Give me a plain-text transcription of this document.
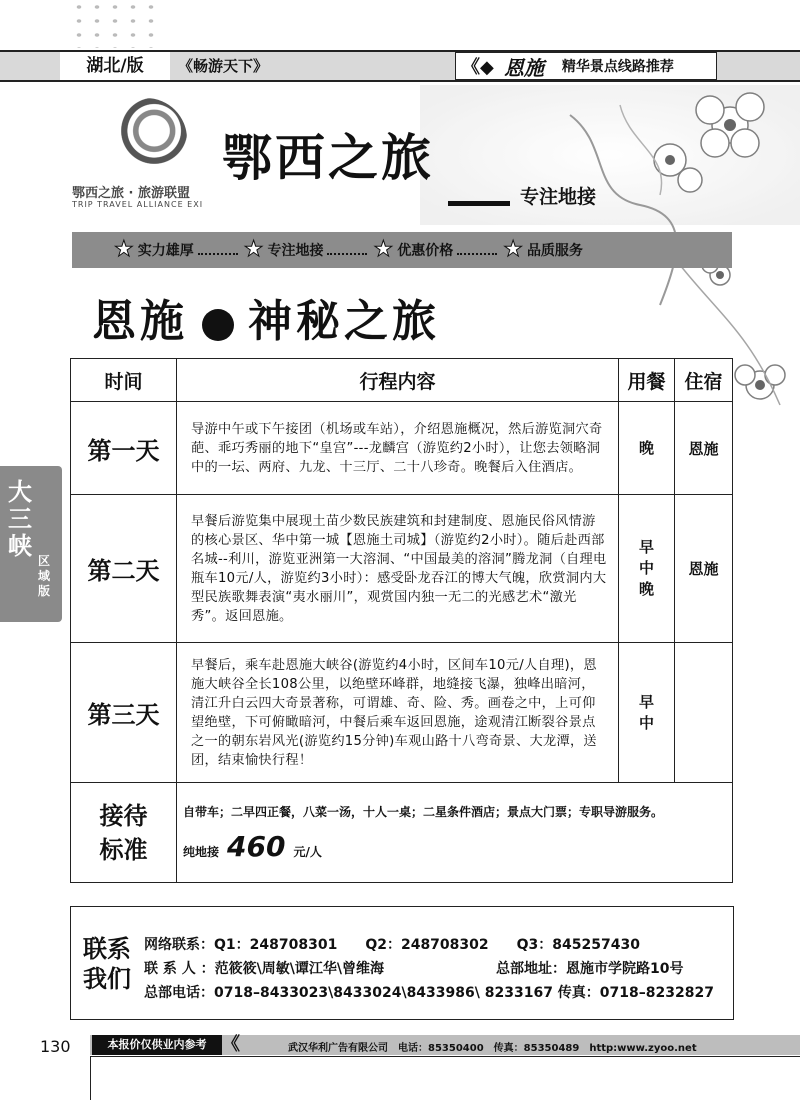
湖北/版	《畅游天下》	《◆ 恩施 精华景点线路推荐
鄂西之旅 · 旅游联盟
TRIP TRAVEL ALLIANCE EXI
鄂西之旅
专注地接
★ 实力雄厚 ★ 专注地接 ★ 优惠价格 ★ 品质服务
恩施 神秘之旅
大三峡
区域版
时间	行程内容	用餐	住宿
第一天	导游中午或下午接团（机场或车站），介绍恩施概况，然后游览洞穴奇葩、乖巧秀丽的地下“皇宫”---龙麟宫（游览约2小时），让您去领略洞中的一坛、两府、九龙、十三厅、二十八珍奇。晚餐后入住酒店。	晚	恩施
第二天	早餐后游览集中展现土苗少数民族建筑和封建制度、恩施民俗风情游的核心景区、华中第一城【恩施土司城】（游览约2小时）。随后赴西部名城--利川，游览亚洲第一大溶洞、“中国最美的溶洞”腾龙洞（自理电瓶车10元/人，游览约3小时）：感受卧龙吞江的博大气魄，欣赏洞内大型民族歌舞表演“夷水丽川”，观赏国内独一无二的光感艺术“激光秀”。返回恩施。	早中晚	恩施
第三天	早餐后，乘车赴恩施大峡谷(游览约4小时，区间车10元/人自理)，恩施大峡谷全长108公里，以绝壁环峰群，地缝接飞瀑，独峰出暗河，清江升白云四大奇景著称，可谓雄、奇、险、秀。画卷之中，上可仰望绝壁，下可俯瞰暗河，中餐后乘车返回恩施，途观清江断裂谷景点之一的朝东岩风光(游览约15分钟)车观山路十八弯奇景、大龙潭，送团，结束愉快行程！	早中	

接待标准	自带车；二早四正餐，八菜一汤，十人一桌；二星条件酒店；景点大门票；专职导游服务。
纯地接 460 元/人		
联系我们
网络联系：Q1：248708301　　Q2：248708302　　Q3：845257430
联 系 人 ：范筱筱\周敏\谭江华\曾维海	总部地址：恩施市学院路10号
总部电话：0718–8433023\8433024\8433986\ 8233167 传真：0718–8232827
130	本报价仅供业内参考 《	武汉华利广告有限公司　电话：85350400　传真：85350489　http:www.zyoo.net
